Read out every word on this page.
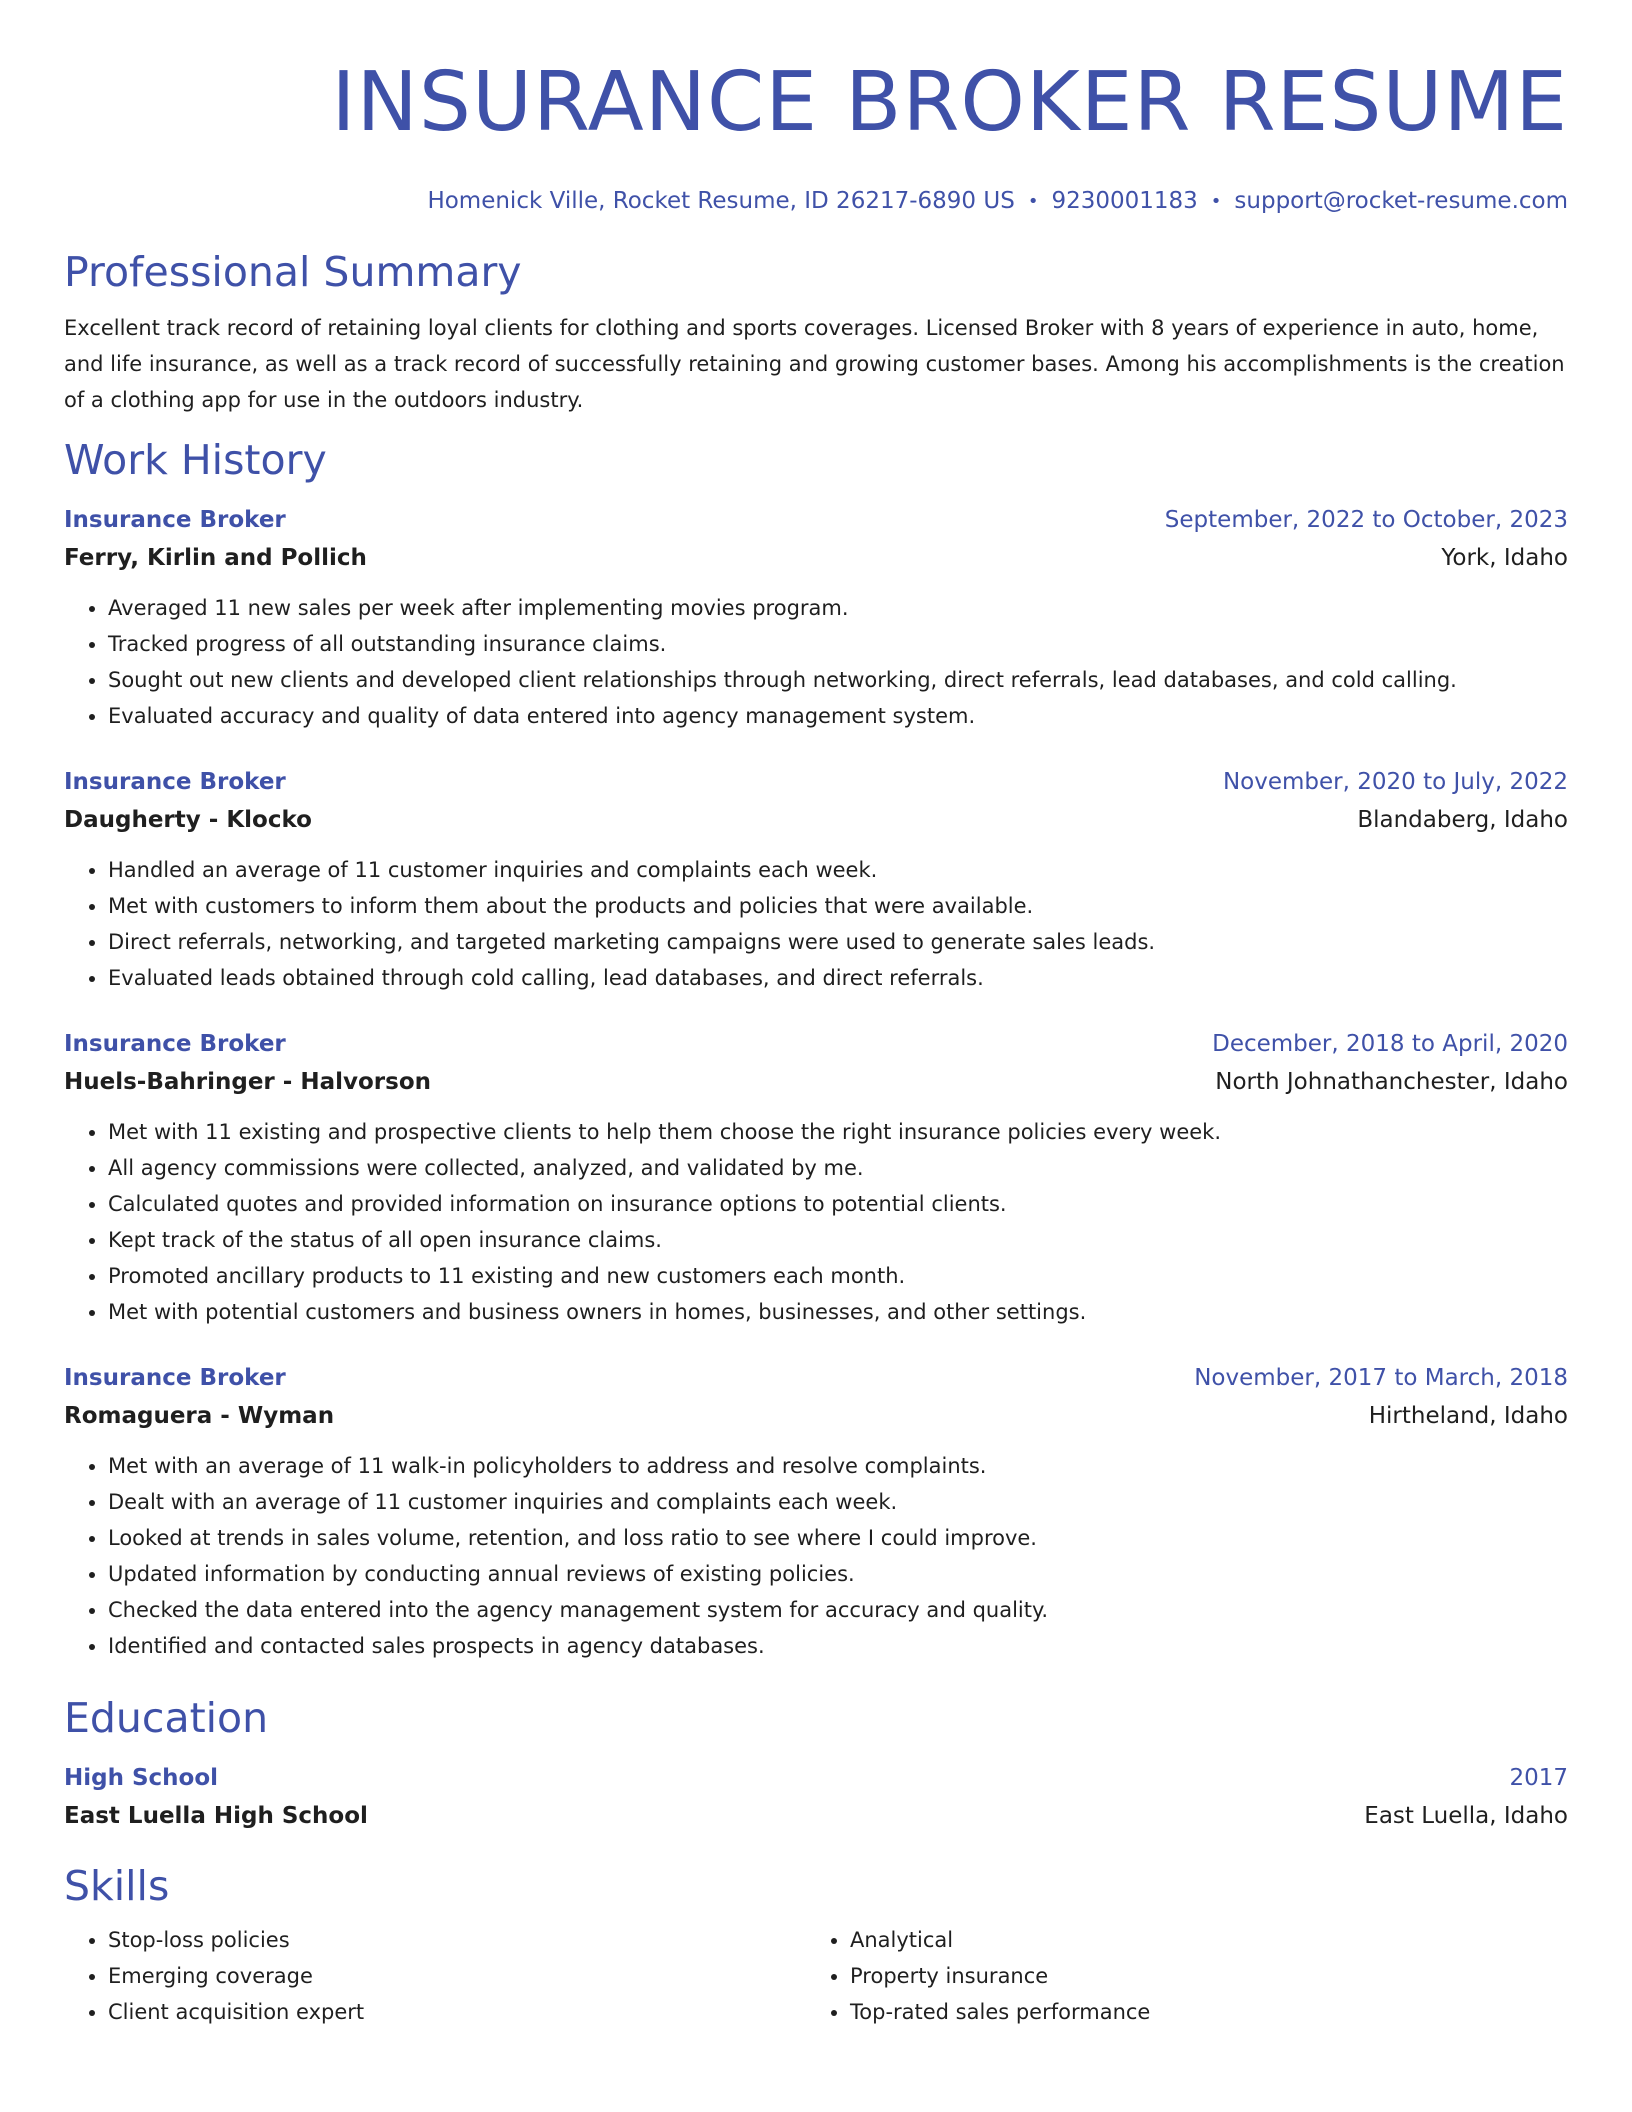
INSURANCE BROKER RESUME
Homenick Ville, Rocket Resume, ID 26217-6890 US • 9230001183 • support@rocket-resume.com
Professional Summary
Excellent track record of retaining loyal clients for clothing and sports coverages. Licensed Broker with 8 years of experience in auto, home, and life insurance, as well as a track record of successfully retaining and growing customer bases. Among his accomplishments is the creation of a clothing app for use in the outdoors industry.
Work History
Insurance Broker	September, 2022 to October, 2023
Ferry, Kirlin and Pollich	York, Idaho
• Averaged 11 new sales per week after implementing movies program.
• Tracked progress of all outstanding insurance claims.
• Sought out new clients and developed client relationships through networking, direct referrals, lead databases, and cold calling.
• Evaluated accuracy and quality of data entered into agency management system.
Insurance Broker	November, 2020 to July, 2022
Daugherty - Klocko	Blandaberg, Idaho
• Handled an average of 11 customer inquiries and complaints each week.
• Met with customers to inform them about the products and policies that were available.
• Direct referrals, networking, and targeted marketing campaigns were used to generate sales leads.
• Evaluated leads obtained through cold calling, lead databases, and direct referrals.
Insurance Broker	December, 2018 to April, 2020
Huels-Bahringer - Halvorson	North Johnathanchester, Idaho
• Met with 11 existing and prospective clients to help them choose the right insurance policies every week.
• All agency commissions were collected, analyzed, and validated by me.
• Calculated quotes and provided information on insurance options to potential clients.
• Kept track of the status of all open insurance claims.
• Promoted ancillary products to 11 existing and new customers each month.
• Met with potential customers and business owners in homes, businesses, and other settings.
Insurance Broker	November, 2017 to March, 2018
Romaguera - Wyman	Hirtheland, Idaho
• Met with an average of 11 walk-in policyholders to address and resolve complaints.
• Dealt with an average of 11 customer inquiries and complaints each week.
• Looked at trends in sales volume, retention, and loss ratio to see where I could improve.
• Updated information by conducting annual reviews of existing policies.
• Checked the data entered into the agency management system for accuracy and quality.
• Identified and contacted sales prospects in agency databases.
Education
High School	2017
East Luella High School	East Luella, Idaho
Skills
• Stop-loss policies
• Emerging coverage
• Client acquisition expert
• Analytical
• Property insurance
• Top-rated sales performance
